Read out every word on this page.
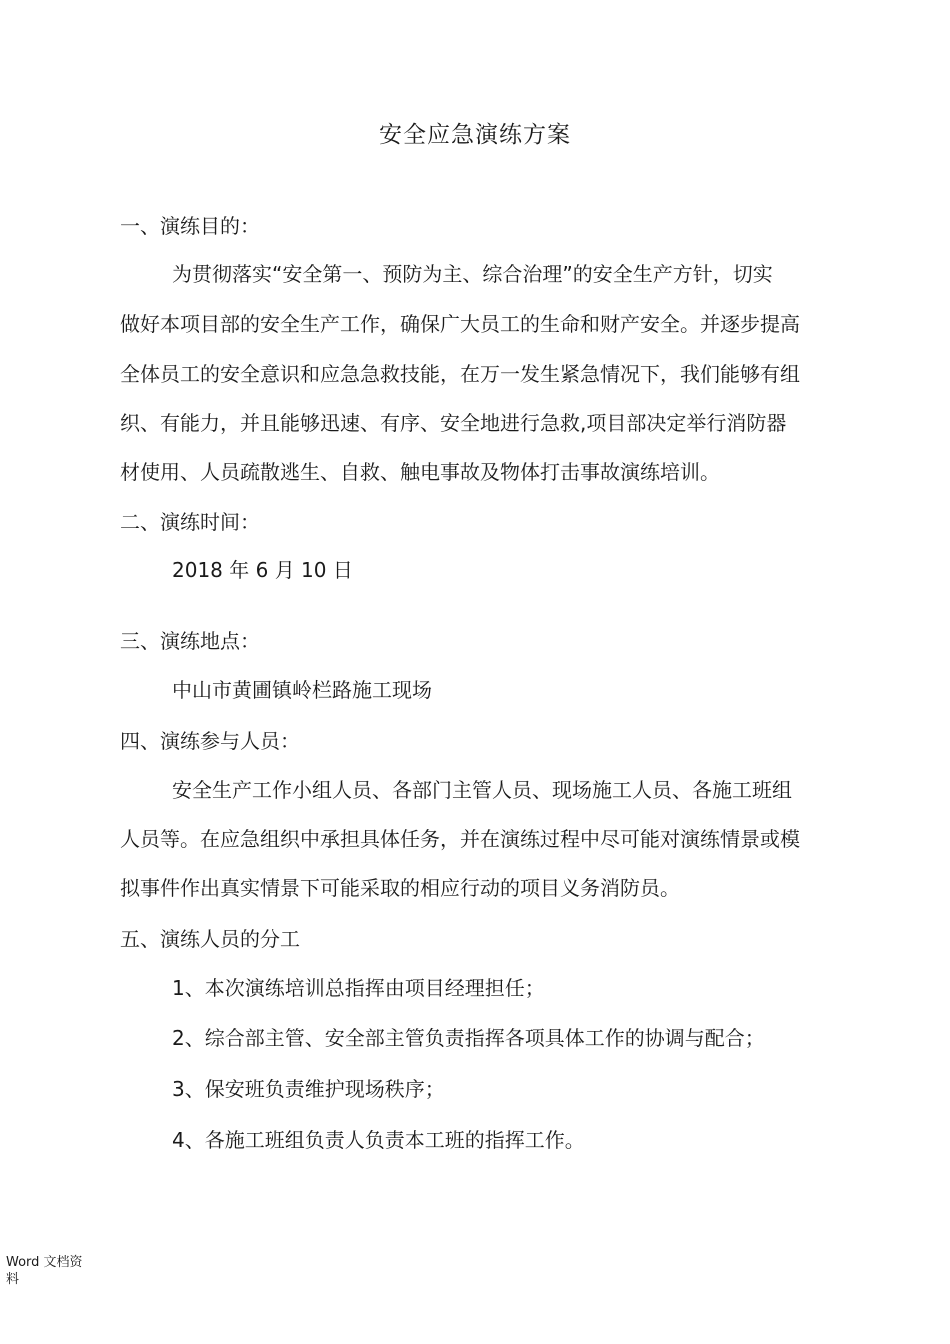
安全应急演练方案
一、演练目的：
为贯彻落实“安全第一、预防为主、综合治理”的安全生产方针，切实
做好本项目部的安全生产工作，确保广大员工的生命和财产安全。并逐步提高
全体员工的安全意识和应急急救技能，在万一发生紧急情况下，我们能够有组
织、有能力，并且能够迅速、有序、安全地进行急救,项目部决定举行消防器
材使用、人员疏散逃生、自救、触电事故及物体打击事故演练培训。
二、演练时间：
2018 年 6 月 10 日
三、演练地点：
中山市黄圃镇岭栏路施工现场
四、演练参与人员：
安全生产工作小组人员、各部门主管人员、现场施工人员、各施工班组
人员等。在应急组织中承担具体任务，并在演练过程中尽可能对演练情景或模
拟事件作出真实情景下可能采取的相应行动的项目义务消防员。
五、演练人员的分工
1、本次演练培训总指挥由项目经理担任；
2、综合部主管、安全部主管负责指挥各项具体工作的协调与配合；
3、保安班负责维护现场秩序；
4、各施工班组负责人负责本工班的指挥工作。
Word 文档资料
